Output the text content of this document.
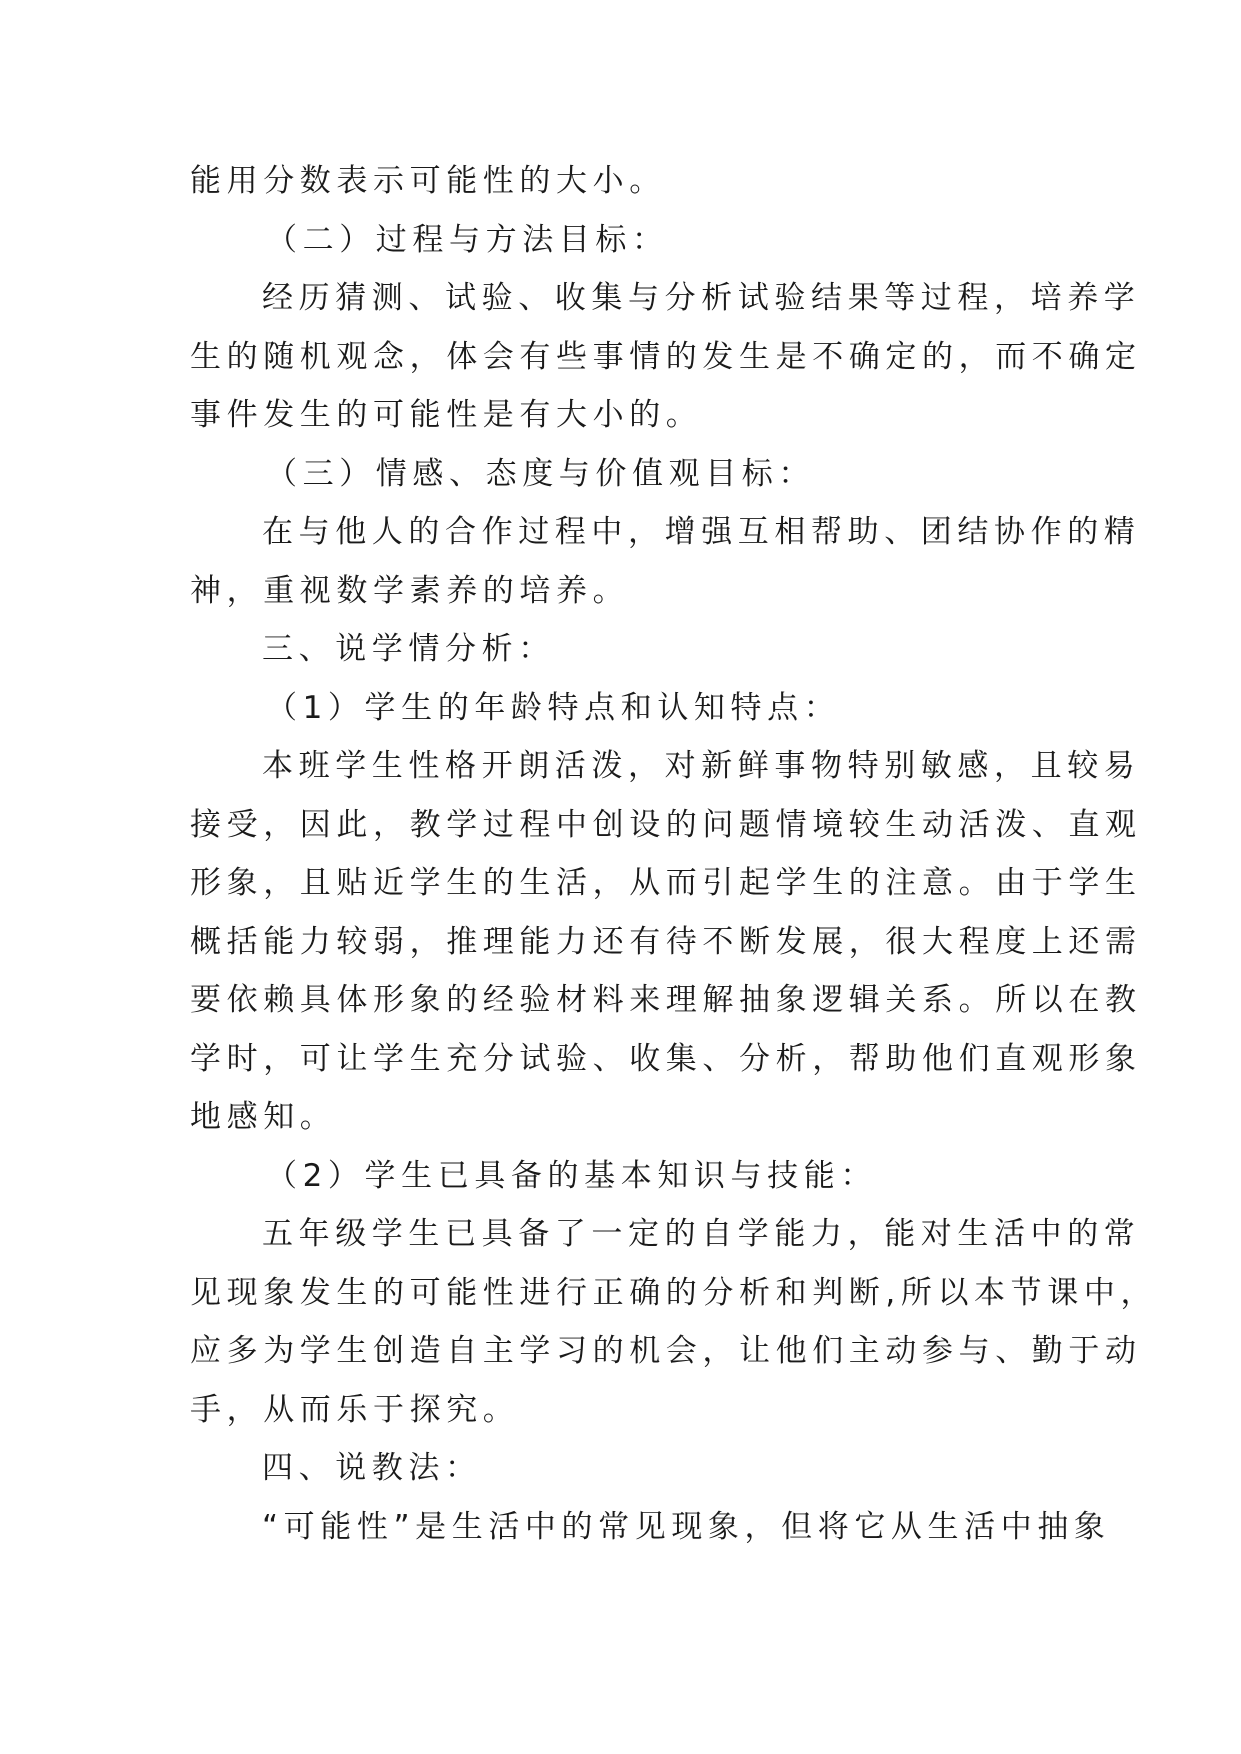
能用分数表示可能性的大小。
（二）过程与方法目标：
经历猜测、试验、收集与分析试验结果等过程，培养学
生的随机观念，体会有些事情的发生是不确定的，而不确定
事件发生的可能性是有大小的。
（三）情感、态度与价值观目标：
在与他人的合作过程中，增强互相帮助、团结协作的精
神，重视数学素养的培养。
三、说学情分析：
（1）学生的年龄特点和认知特点：
本班学生性格开朗活泼，对新鲜事物特别敏感，且较易
接受，因此，教学过程中创设的问题情境较生动活泼、直观
形象，且贴近学生的生活，从而引起学生的注意。由于学生
概括能力较弱，推理能力还有待不断发展，很大程度上还需
要依赖具体形象的经验材料来理解抽象逻辑关系。所以在教
学时，可让学生充分试验、收集、分析，帮助他们直观形象
地感知。
（2）学生已具备的基本知识与技能：
五年级学生已具备了一定的自学能力，能对生活中的常
见现象发生的可能性进行正确的分析和判断,所以本节课中，
应多为学生创造自主学习的机会，让他们主动参与、勤于动
手，从而乐于探究。
四、说教法：
“可能性”是生活中的常见现象，但将它从生活中抽象
